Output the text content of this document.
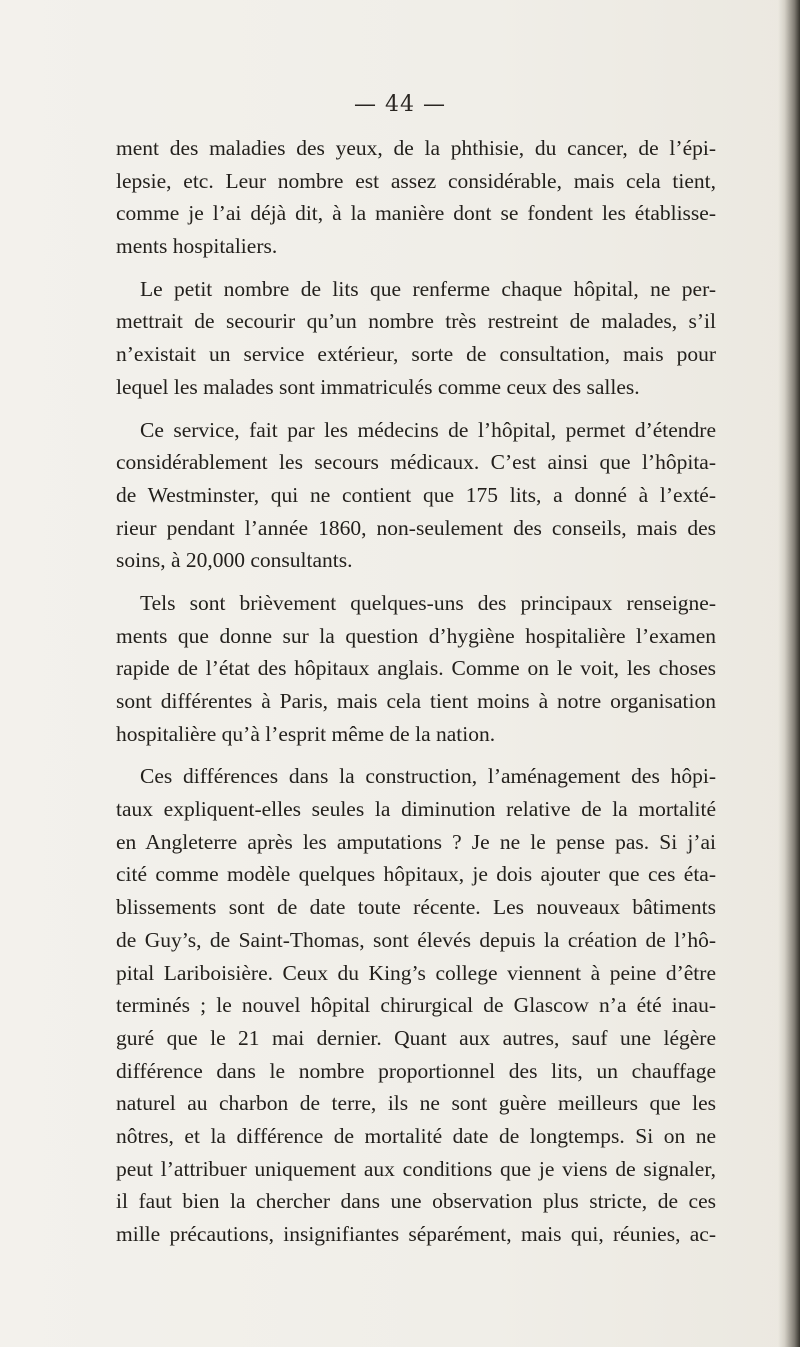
— 44 —
ment des maladies des yeux, de la phthisie, du cancer, de l’épi-
lepsie, etc. Leur nombre est assez considérable, mais cela tient,
comme je l’ai déjà dit, à la manière dont se fondent les établisse-
ments hospitaliers.
Le petit nombre de lits que renferme chaque hôpital, ne per-
mettrait de secourir qu’un nombre très restreint de malades, s’il
n’existait un service extérieur, sorte de consultation, mais pour
lequel les malades sont immatriculés comme ceux des salles.
Ce service, fait par les médecins de l’hôpital, permet d’étendre
considérablement les secours médicaux. C’est ainsi que l’hôpita-
de Westminster, qui ne contient que 175 lits, a donné à l’exté-
rieur pendant l’année 1860, non-seulement des conseils, mais des
soins, à 20,000 consultants.
Tels sont brièvement quelques-uns des principaux renseigne-
ments que donne sur la question d’hygiène hospitalière l’examen
rapide de l’état des hôpitaux anglais. Comme on le voit, les choses
sont différentes à Paris, mais cela tient moins à notre organisation
hospitalière qu’à l’esprit même de la nation.
Ces différences dans la construction, l’aménagement des hôpi-
taux expliquent-elles seules la diminution relative de la mortalité
en Angleterre après les amputations ? Je ne le pense pas. Si j’ai
cité comme modèle quelques hôpitaux, je dois ajouter que ces éta-
blissements sont de date toute récente. Les nouveaux bâtiments
de Guy’s, de Saint-Thomas, sont élevés depuis la création de l’hô-
pital Lariboisière. Ceux du King’s college viennent à peine d’être
terminés ; le nouvel hôpital chirurgical de Glascow n’a été inau-
guré que le 21 mai dernier. Quant aux autres, sauf une légère
différence dans le nombre proportionnel des lits, un chauffage
naturel au charbon de terre, ils ne sont guère meilleurs que les
nôtres, et la différence de mortalité date de longtemps. Si on ne
peut l’attribuer uniquement aux conditions que je viens de signaler,
il faut bien la chercher dans une observation plus stricte, de ces
mille précautions, insignifiantes séparément, mais qui, réunies, ac-
